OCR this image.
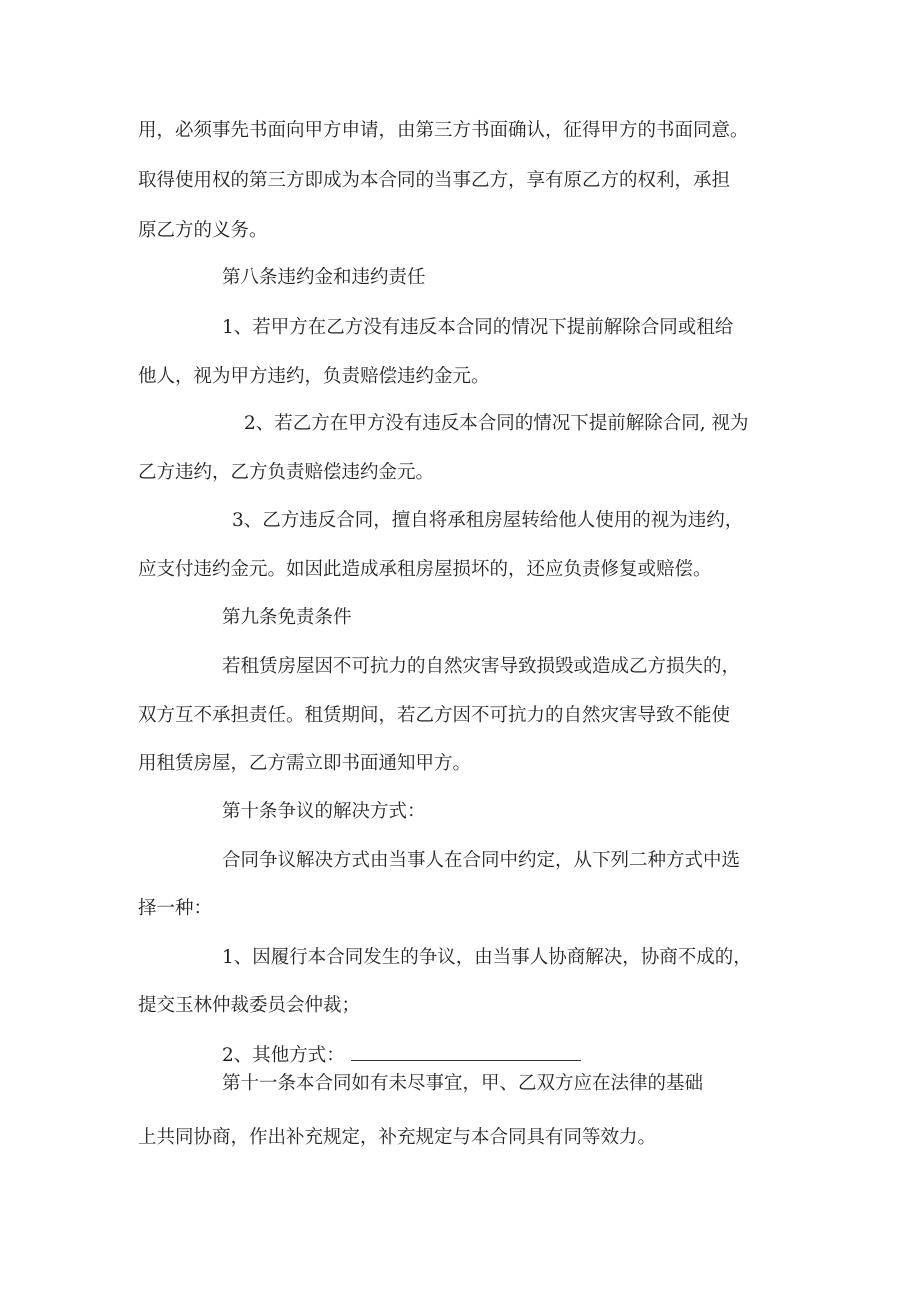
用，必须事先书面向甲方申请，由第三方书面确认，征得甲方的书面同意。
取得使用权的第三方即成为本合同的当事乙方，享有原乙方的权利，承担
原乙方的义务。
第八条违约金和违约责任
1、若甲方在乙方没有违反本合同的情况下提前解除合同或租给
他人，视为甲方违约，负责赔偿违约金元。
2、若乙方在甲方没有违反本合同的情况下提前解除合同, 视为
乙方违约，乙方负责赔偿违约金元。
3、乙方违反合同，擅自将承租房屋转给他人使用的视为违约，
应支付违约金元。如因此造成承租房屋损坏的，还应负责修复或赔偿。
第九条免责条件
若租赁房屋因不可抗力的自然灾害导致损毁或造成乙方损失的，
双方互不承担责任。租赁期间，若乙方因不可抗力的自然灾害导致不能使
用租赁房屋，乙方需立即书面通知甲方。
第十条争议的解决方式：
合同争议解决方式由当事人在合同中约定，从下列二种方式中选
择一种：
1、因履行本合同发生的争议，由当事人协商解决，协商不成的，
提交玉林仲裁委员会仲裁；
2、其他方式：
第十一条本合同如有未尽事宜，甲、乙双方应在法律的基础
上共同协商，作出补充规定，补充规定与本合同具有同等效力。
